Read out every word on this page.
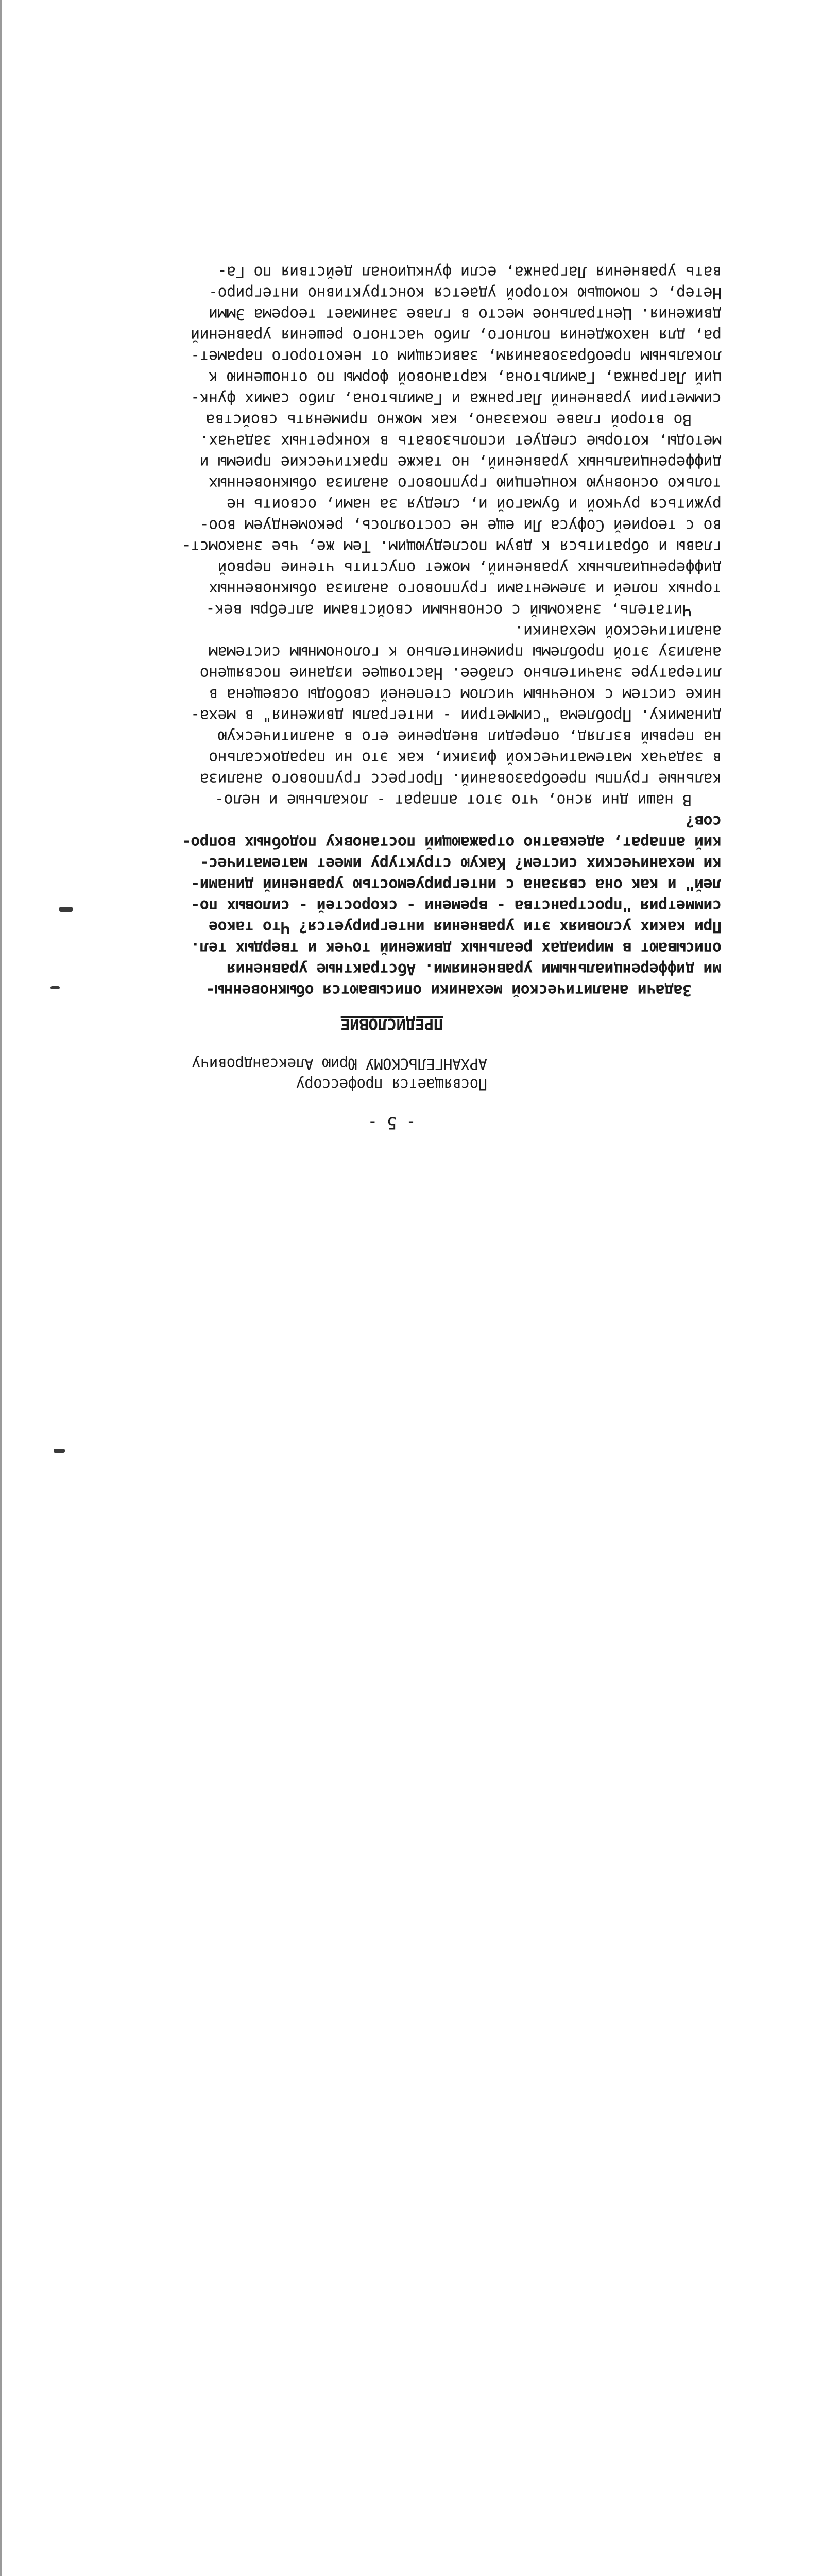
- 5 -
Посвящается профессору
АРХАНГЕЛЬСКОМУ Юрию Александровичу
ПРЕДИСЛОВИЕ
Задачи аналитической механики описываются обыкновенны-
ми дифференциальными уравнениями. Абстрактные уравнения
описывают в мириадах реальных движений точек и твердых тел.
При каких условиях эти уравнения интегрируется? Что такое
симметрия "пространства - времени - скоростей - силовых по-
лей" и как она связана с интегрируемостью уравнений динами-
ки механических систем? Какую структуру имеет математичес-
кий аппарат, адекватно отражающий постановку подобных вопро-
сов?
В наши дни ясно, что этот аппарат - локальные и нело-
кальные группы преобразований. Прогресс группового анализа
в задачах математической физики, как это ни парадоксально
на первый взгляд, опередил внедрение его в аналитическую
динамику. Проблема "симметрии - интегралы движения" в меха-
нике систем с конечным числом степеней свободы освещена в
литературе значительно слабее. Настоящее издание посвящено
анализу этой проблемы применительно к голономным системам
аналитической механики.
Читатель, знакомый с основными свойствами алгебры век-
торных полей и элементами группового анализа обыкновенных
дифференциальных уравнений, может опустить чтение первой
главы и обратиться к двум последующим. Тем же, чье знакомст-
во с теорией Софуса Ли еще не состоялось, рекомендуем воо-
ружиться ручкой и бумагой и, следуя за нами, освоить не
только основную концепцию группового анализа обыкновенных
дифференциальных уравнений, но также практические приемы и
методы, которые следует использовать в конкретных задачах.
Во второй главе показано, как можно применять свойства
симметрии уравнений Лагранжа и Гамильтона, либо самих функ-
ций Лагранжа, Гамильтона, картановой формы по отношению к
локальным преобразованиям, зависящим от некоторого парамет-
ра, для нахождения полного, либо частного решения уравнений
движения. Центральное место в главе занимает теорема Эмми
Нетер, с помощью которой удается конструктивно интегриро-
вать уравнения Лагранжа, если функционал действия по Га-
